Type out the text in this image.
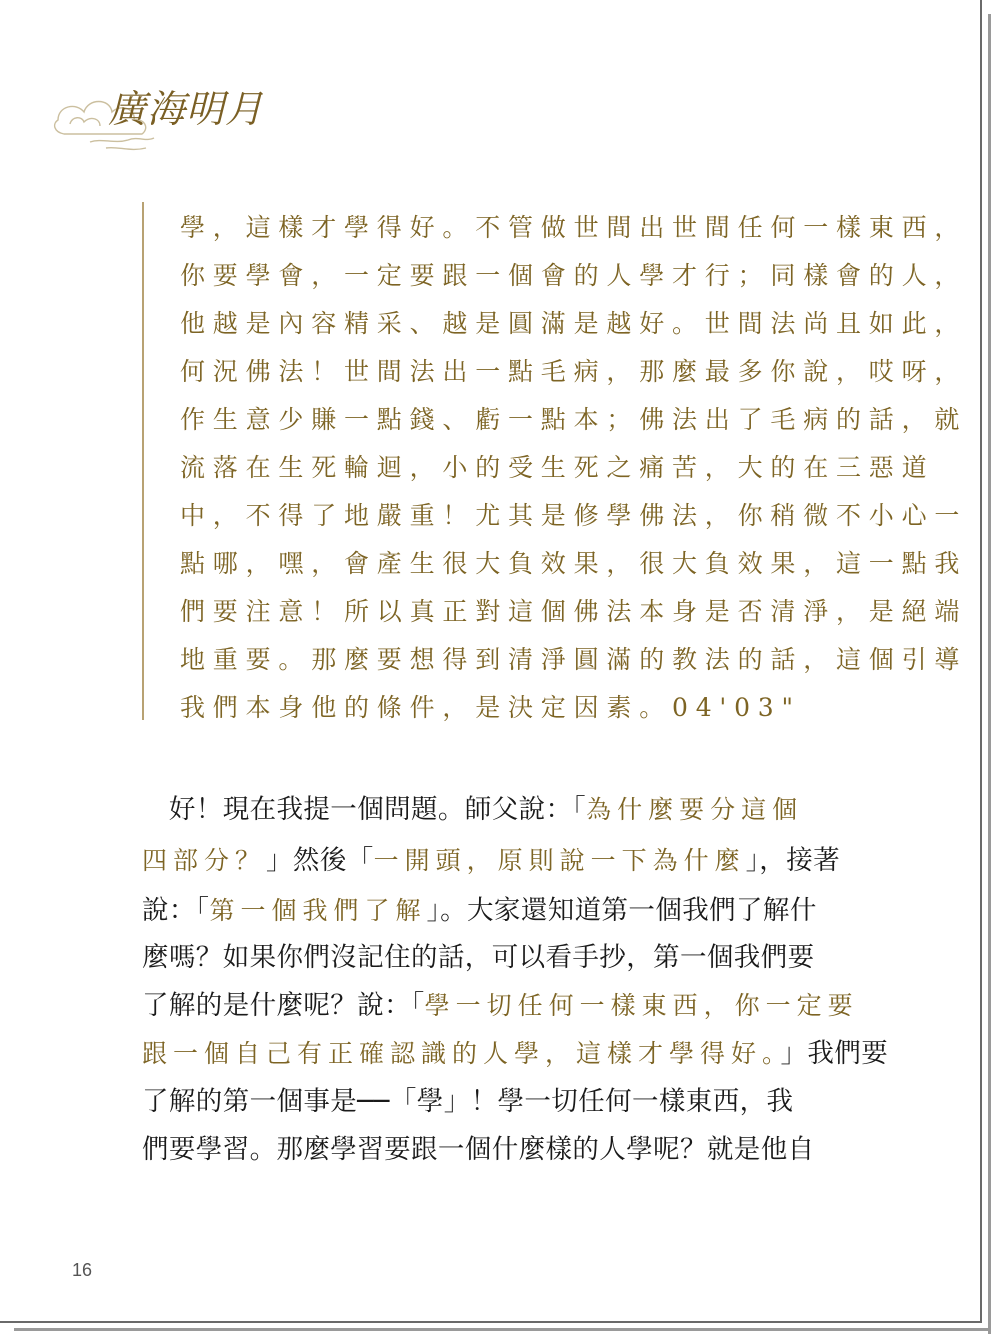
廣海明月
學，這樣才學得好。不管做世間出世間任何一樣東西，
你要學會，一定要跟一個會的人學才行；同樣會的人，
他越是內容精采、越是圓滿是越好。世間法尚且如此，
何況佛法！世間法出一點毛病，那麼最多你說，哎呀，
作生意少賺一點錢、虧一點本；佛法出了毛病的話，就
流落在生死輪迴，小的受生死之痛苦，大的在三惡道
中，不得了地嚴重！尤其是修學佛法，你稍微不小心一
點哪，嘿，會產生很大負效果，很大負效果，這一點我
們要注意！所以真正對這個佛法本身是否清淨，是絕端
地重要。那麼要想得到清淨圓滿的教法的話，這個引導
我們本身他的條件，是決定因素。04'03"
　好！現在我提一個問題。師父說：「為什麼要分這個
四部分？」然後「一開頭，原則說一下為什麼」，接著
說：「第一個我們了解」。大家還知道第一個我們了解什
麼嗎？如果你們沒記住的話，可以看手抄，第一個我們要
了解的是什麼呢？說：「學一切任何一樣東西，你一定要
跟一個自己有正確認識的人學，這樣才學得好。」我們要
了解的第一個事是──「學」！學一切任何一樣東西，我
們要學習。那麼學習要跟一個什麼樣的人學呢？就是他自
16
